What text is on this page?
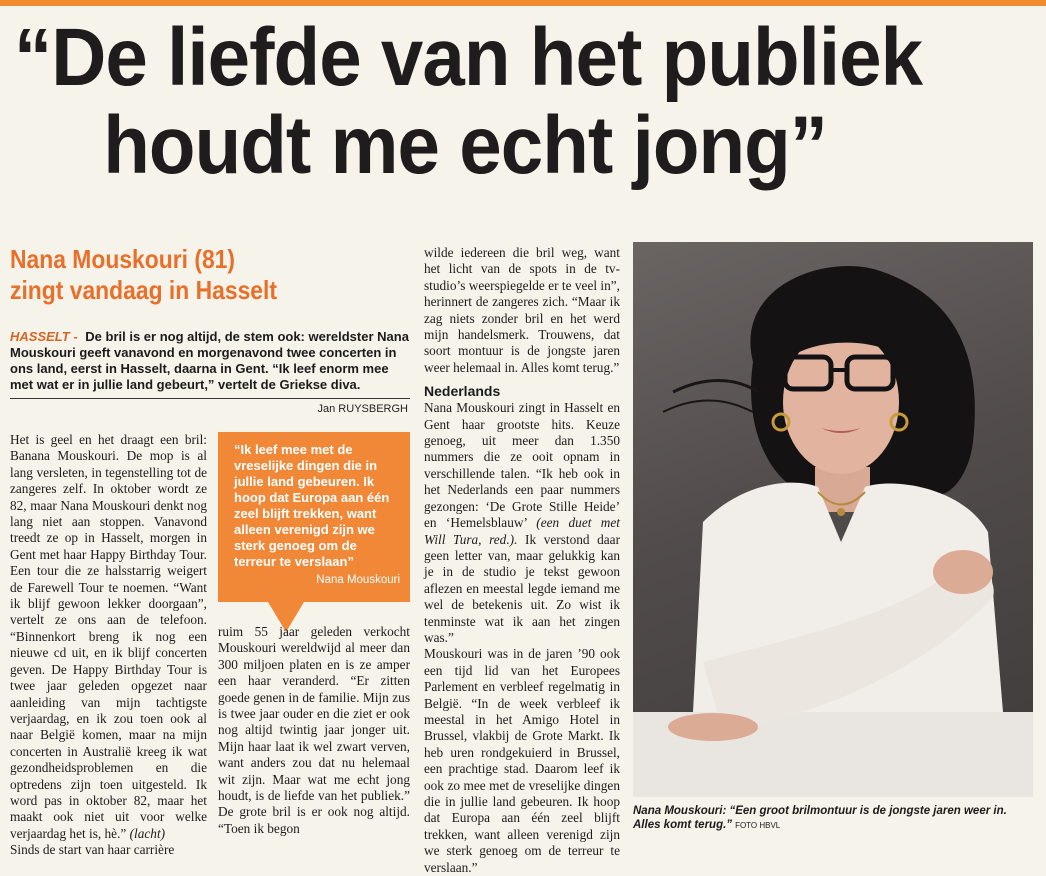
“De liefde van het publiek
houdt me echt jong”
Nana Mouskouri (81)
zingt vandaag in Hasselt
HASSELT - De bril is er nog altijd, de stem ook: wereldster Nana Mouskouri geeft vanavond en morgenavond twee concerten in ons land, eerst in Hasselt, daarna in Gent. “Ik leef enorm mee met wat er in jullie land gebeurt,” vertelt de Griekse diva.
Jan RUYSBERGH

Het is geel en het draagt een bril: Banana Mouskouri. De mop is al lang versleten, in tegenstelling tot de zangeres zelf. In oktober wordt ze 82, maar Nana Mouskouri denkt nog lang niet aan stoppen. Vanavond treedt ze op in Hasselt, morgen in Gent met haar Happy Birthday Tour. Een tour die ze halsstarrig weigert de Farewell Tour te noemen. “Want ik blijf gewoon lekker doorgaan”, vertelt ze ons aan de telefoon. “Binnenkort breng ik nog een nieuwe cd uit, en ik blijf concerten geven. De Happy Birthday Tour is twee jaar geleden opgezet naar aanleiding van mijn tachtigste verjaardag, en ik zou toen ook al naar België komen, maar na mijn concerten in Australië kreeg ik wat gezondheidsproblemen en die optredens zijn toen uitgesteld. Ik word pas in oktober 82, maar het maakt ook niet uit voor welke verjaardag het is, hè.” (lacht)

Sinds de start van haar carrière

“Ik leef mee met de vreselijke dingen die in jullie land gebeuren. Ik hoop dat Europa aan één zeel blijft trekken, want alleen verenigd zijn we sterk genoeg om de terreur te verslaan”
Nana Mouskouri

ruim 55 jaar geleden verkocht Mouskouri wereldwijd al meer dan 300 miljoen platen en is ze amper een haar veranderd. “Er zitten goede genen in de familie. Mijn zus is twee jaar ouder en die ziet er ook nog altijd twintig jaar jonger uit. Mijn haar laat ik wel zwart verven, want anders zou dat nu helemaal wit zijn. Maar wat me echt jong houdt, is de liefde van het publiek.” De grote bril is er ook nog altijd. “Toen ik begon

wilde iedereen die bril weg, want het licht van de spots in de tv-studio’s weerspiegelde er te veel in”, herinnert de zangeres zich. “Maar ik zag niets zonder bril en het werd mijn handelsmerk. Trouwens, dat soort montuur is de jongste jaren weer helemaal in. Alles komt terug.”

Nederlands

Nana Mouskouri zingt in Hasselt en Gent haar grootste hits. Keuze genoeg, uit meer dan 1.350 nummers die ze ooit opnam in verschillende talen. “Ik heb ook in het Nederlands een paar nummers gezongen: ‘De Grote Stille Heide’ en ‘Hemelsblauw’ (een duet met Will Tura, red.). Ik verstond daar geen letter van, maar gelukkig kan je in de studio je tekst gewoon aflezen en meestal legde iemand me wel de betekenis uit. Zo wist ik tenminste wat ik aan het zingen was.”

Mouskouri was in de jaren ’90 ook een tijd lid van het Europees Parlement en verbleef regelmatig in België. “In de week verbleef ik meestal in het Amigo Hotel in Brussel, vlakbij de Grote Markt. Ik heb uren rondgekuierd in Brussel, een prachtige stad. Daarom leef ik ook zo mee met de vreselijke dingen die in jullie land gebeuren. Ik hoop dat Europa aan één zeel blijft trekken, want alleen verenigd zijn we sterk genoeg om de terreur te verslaan.”

Nana Mouskouri: “Een groot brilmontuur is de jongste jaren weer in. Alles komt terug.” FOTO HBVL
